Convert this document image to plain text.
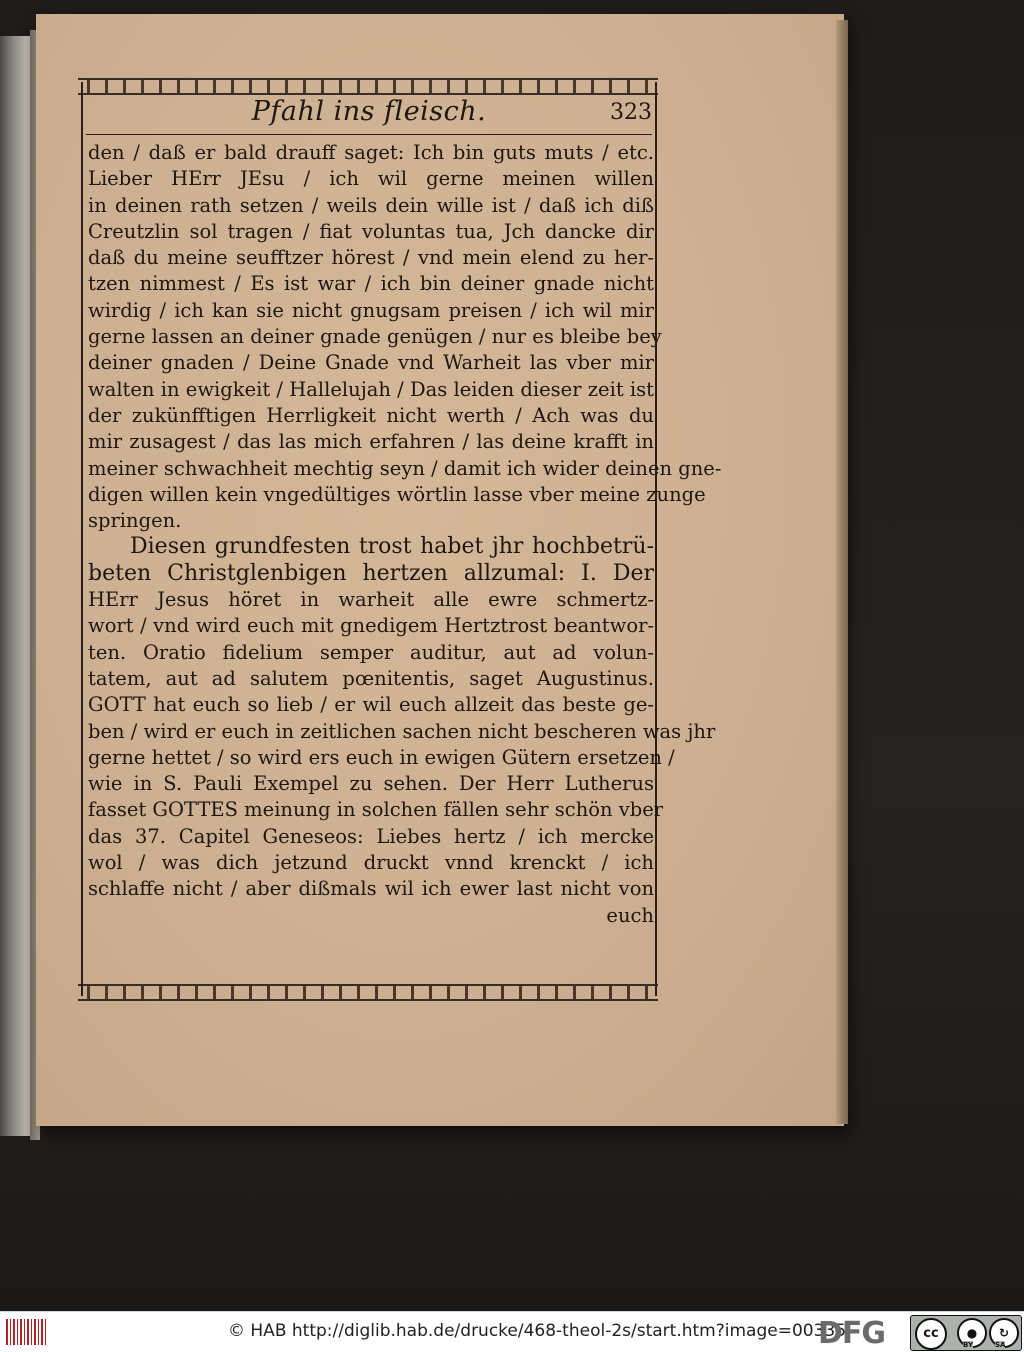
Pfahl ins fleisch.	323
den / daß er bald drauff saget: Ich bin guts muts / etc.
Lieber HErr JEsu / ich wil gerne meinen willen
in deinen rath setzen / weils dein wille ist / daß ich diß
Creutzlin sol tragen / fiat voluntas tua, Jch dancke dir
daß du meine seufftzer hörest / vnd mein elend zu her-
tzen nimmest / Es ist war / ich bin deiner gnade nicht
wirdig / ich kan sie nicht gnugsam preisen / ich wil mir
gerne lassen an deiner gnade genügen / nur es bleibe bey
deiner gnaden / Deine Gnade vnd Warheit las vber mir
walten in ewigkeit / Hallelujah / Das leiden dieser zeit ist
der zukünfftigen Herrligkeit nicht werth / Ach was du
mir zusagest / das las mich erfahren / las deine krafft in
meiner schwachheit mechtig seyn / damit ich wider deinen gne-
digen willen kein vngedültiges wörtlin lasse vber meine zunge
springen.
Diesen grundfesten trost habet jhr hochbetrü-
beten Christglenbigen hertzen allzumal: I. Der
HErr Jesus höret in warheit alle ewre schmertz-
wort / vnd wird euch mit gnedigem Hertztrost beantwor-
ten. Oratio fidelium semper auditur, aut ad volun-
tatem, aut ad salutem pœnitentis, saget Augustinus.
GOTT hat euch so lieb / er wil euch allzeit das beste ge-
ben / wird er euch in zeitlichen sachen nicht bescheren was jhr
gerne hettet / so wird ers euch in ewigen Gütern ersetzen /
wie in S. Pauli Exempel zu sehen. Der Herr Lutherus
fasset GOTTES meinung in solchen fällen sehr schön vber
das 37. Capitel Geneseos: Liebes hertz / ich mercke
wol / was dich jetzund druckt vnnd krenckt / ich
schlaffe nicht / aber dißmals wil ich ewer last nicht von
euch
© HAB http://diglib.hab.de/drucke/468-theol-2s/start.htm?image=00335
DFG	cc	●	↻
BY	SA
